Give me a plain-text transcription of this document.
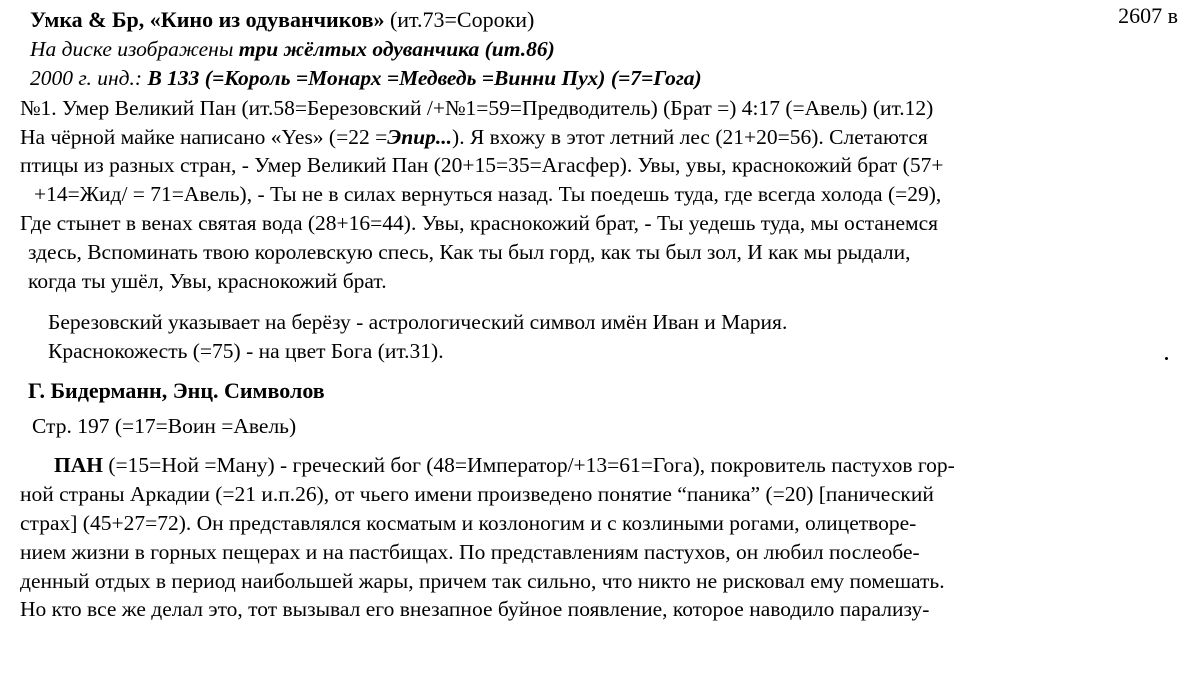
2607 в
Умка & Бр, «Кино из одуванчиков» (ит.73=Сороки)
На диске изображены три жёлтых одуванчика (ит.86)
2000 г. инд.: В 133 (=Король =Монарх =Медведь =Винни Пух) (=7=Гога)
№1. Умер Великий Пан (ит.58=Березовский /+№1=59=Предводитель) (Брат =) 4:17 (=Авель) (ит.12)
На чёрной майке написано «Yes» (=22 =Эпир...). Я вхожу в этот летний лес (21+20=56). Слетаются
птицы из разных стран, - Умер Великий Пан (20+15=35=Агасфер). Увы, увы, краснокожий брат (57+
+14=Жид/ = 71=Авель), - Ты не в силах вернуться назад. Ты поедешь туда, где всегда холода (=29),
Где стынет в венах святая вода (28+16=44). Увы, краснокожий брат, - Ты уедешь туда, мы останемся
здесь, Вспоминать твою королевскую спесь, Как ты был горд, как ты был зол, И как мы рыдали,
когда ты ушёл, Увы, краснокожий брат.
Березовский указывает на берёзу - астрологический символ имён Иван и Мария.
Краснокожесть (=75) - на цвет Бога (ит.31).
Г. Бидерманн, Энц. Символов
Стр. 197 (=17=Воин =Авель)
ПАН (=15=Ной =Ману) - греческий бог (48=Император/+13=61=Гога), покровитель пастухов гор-
ной страны Аркадии (=21 и.п.26), от чьего имени произведено понятие “паника” (=20) [панический
страх] (45+27=72). Он представлялся косматым и козлоногим и с козлиными рогами, олицетворе-
нием жизни в горных пещерах и на пастбищах. По представлениям пастухов, он любил послеобе-
денный отдых в период наибольшей жары, причем так сильно, что никто не рисковал ему помешать.
Но кто все же делал это, тот вызывал его внезапное буйное появление, которое наводило парализу-
